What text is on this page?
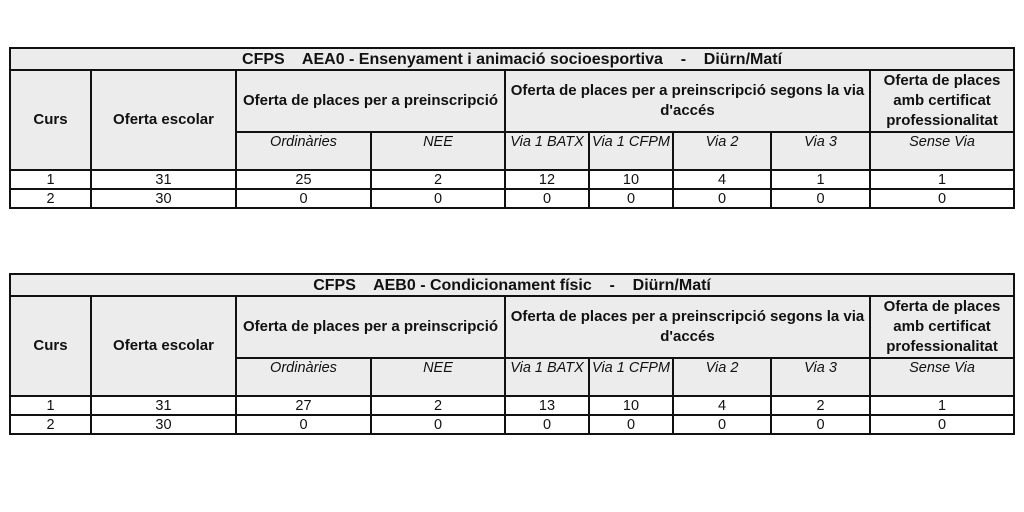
CFPS    AEA0 - Ensenyament i animació socioesportiva    -    Diürn/Matí								
Curs	Oferta escolar	Oferta de places per a preinscripció		Oferta de places per a preinscripció segons la via d'accés				Oferta de places amb certificat professionalitat
		Ordinàries	NEE	Via 1 BATX	Via 1 CFPM	Via 2	Via 3	Sense Via
1	31	25	2	12	10	4	1	1
2	30	0	0	0	0	0	0	0
CFPS    AEB0 - Condicionament físic    -    Diürn/Matí								
Curs	Oferta escolar	Oferta de places per a preinscripció		Oferta de places per a preinscripció segons la via d'accés				Oferta de places amb certificat professionalitat
		Ordinàries	NEE	Via 1 BATX	Via 1 CFPM	Via 2	Via 3	Sense Via
1	31	27	2	13	10	4	2	1
2	30	0	0	0	0	0	0	0
